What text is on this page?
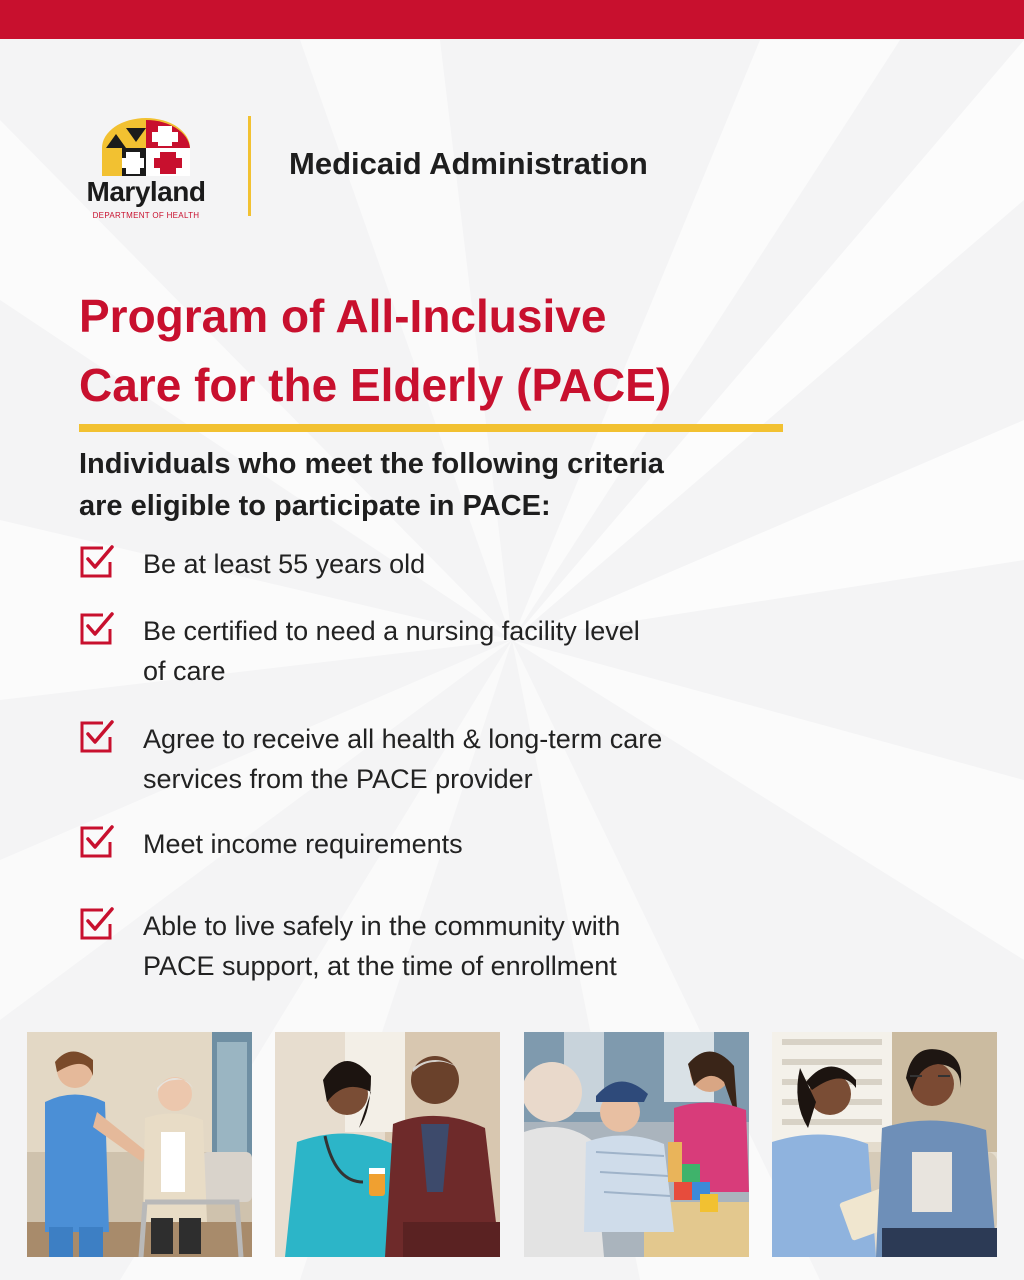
Maryland
DEPARTMENT OF HEALTH
Medicaid Administration
Program of All-Inclusive
Care for the Elderly (PACE)
Individuals who meet the following criteria
are eligible to participate in PACE:
Be at least 55 years old
Be certified to need a nursing facility level
of care
Agree to receive all health & long-term care
services from the PACE provider
Meet income requirements
Able to live safely in the community with
PACE support, at the time of enrollment
